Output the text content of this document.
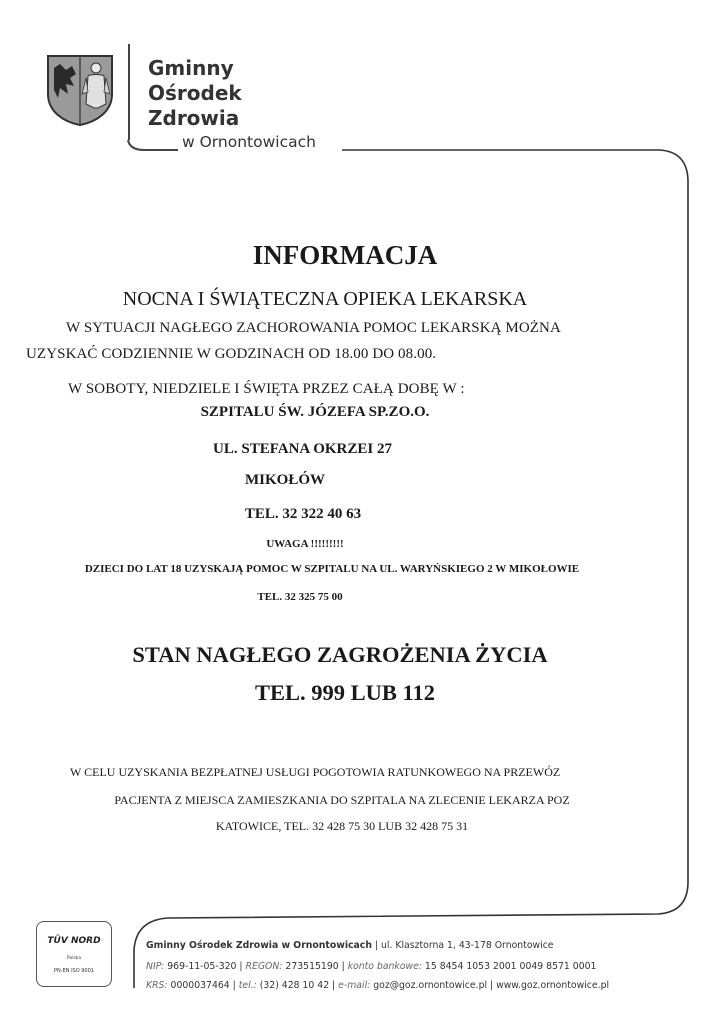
Gminny
Ośrodek
Zdrowia
w Ornontowicach
INFORMACJA
NOCNA I ŚWIĄTECZNA OPIEKA LEKARSKA
W SYTUACJI NAGŁEGO ZACHOROWANIA POMOC LEKARSKĄ MOŻNA
UZYSKAĆ CODZIENNIE W GODZINACH OD 18.00 DO 08.00.
W SOBOTY, NIEDZIELE I ŚWIĘTA PRZEZ CAŁĄ DOBĘ W :
SZPITALU ŚW. JÓZEFA SP.ZO.O.
UL. STEFANA OKRZEI 27
MIKOŁÓW
TEL. 32 322 40 63
UWAGA !!!!!!!!!
DZIECI DO LAT 18 UZYSKAJĄ POMOC W SZPITALU NA UL. WARYŃSKIEGO 2 W MIKOŁOWIE
TEL. 32 325 75 00
STAN NAGŁEGO ZAGROŻENIA ŻYCIA
TEL. 999 LUB 112
W CELU UZYSKANIA BEZPŁATNEJ USŁUGI POGOTOWIA RATUNKOWEGO NA PRZEWÓZ
PACJENTA Z MIEJSCA ZAMIESZKANIA DO SZPITALA NA ZLECENIE LEKARZA POZ
KATOWICE, TEL. 32 428 75 30 LUB 32 428 75 31
TÜV NORD
Polska
PN-EN ISO 9001
Gminny Ośrodek Zdrowia w Ornontowicach | ul. Klasztorna 1, 43-178 Ornontowice
NIP: 969-11-05-320 | REGON: 273515190 | konto bankowe: 15 8454 1053 2001 0049 8571 0001
KRS: 0000037464 | tel.: (32) 428 10 42 | e-mail: goz@goz.ornontowice.pl | www.goz.ornontowice.pl
